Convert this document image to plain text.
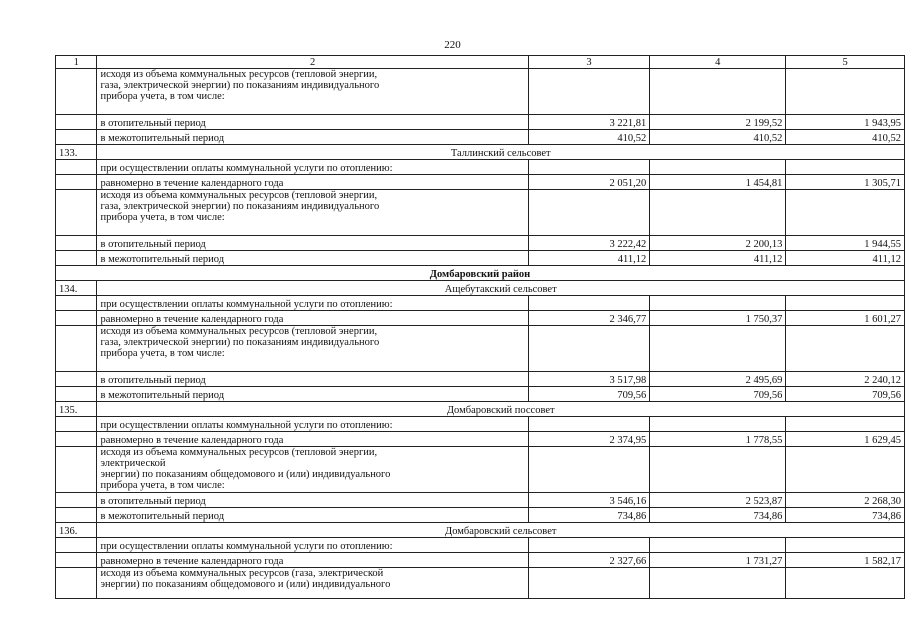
220
1	2	3	4	5

	исходя из объема коммунальных ресурсов (тепловой энергии,
газа, электрической энергии) по показаниям индивидуального
прибора учета, в том числе:			

	в отопительный период	3 221,81	2 199,52	1 943,95

	в межотопительный период	410,52	410,52	410,52
133.	Таллинский сельсовет			

	при осуществлении оплаты коммунальной услуги по отоплению:			

	равномерно в течение календарного года	2 051,20	1 454,81	1 305,71

	исходя из объема коммунальных ресурсов (тепловой энергии,
газа, электрической энергии) по показаниям индивидуального
прибора учета, в том числе:			

	в отопительный период	3 222,42	2 200,13	1 944,55

	в межотопительный период	411,12	411,12	411,12
Домбаровский район				
134.	Ащебутакский сельсовет			

	при осуществлении оплаты коммунальной услуги по отоплению:			

	равномерно в течение календарного года	2 346,77	1 750,37	1 601,27

	исходя из объема коммунальных ресурсов (тепловой энергии,
газа, электрической энергии) по показаниям индивидуального
прибора учета, в том числе:			

	в отопительный период	3 517,98	2 495,69	2 240,12

	в межотопительный период	709,56	709,56	709,56
135.	Домбаровский поссовет			

	при осуществлении оплаты коммунальной услуги по отоплению:			

	равномерно в течение календарного года	2 374,95	1 778,55	1 629,45

	исходя из объема коммунальных ресурсов (тепловой энергии,
электрической
энергии) по показаниям общедомового и (или) индивидуального
прибора учета, в том числе:			

	в отопительный период	3 546,16	2 523,87	2 268,30

	в межотопительный период	734,86	734,86	734,86
136.	Домбаровский сельсовет			

	при осуществлении оплаты коммунальной услуги по отоплению:			

	равномерно в течение календарного года	2 327,66	1 731,27	1 582,17

	исходя из объема коммунальных ресурсов (газа, электрической
энергии) по показаниям общедомового и (или) индивидуального			
